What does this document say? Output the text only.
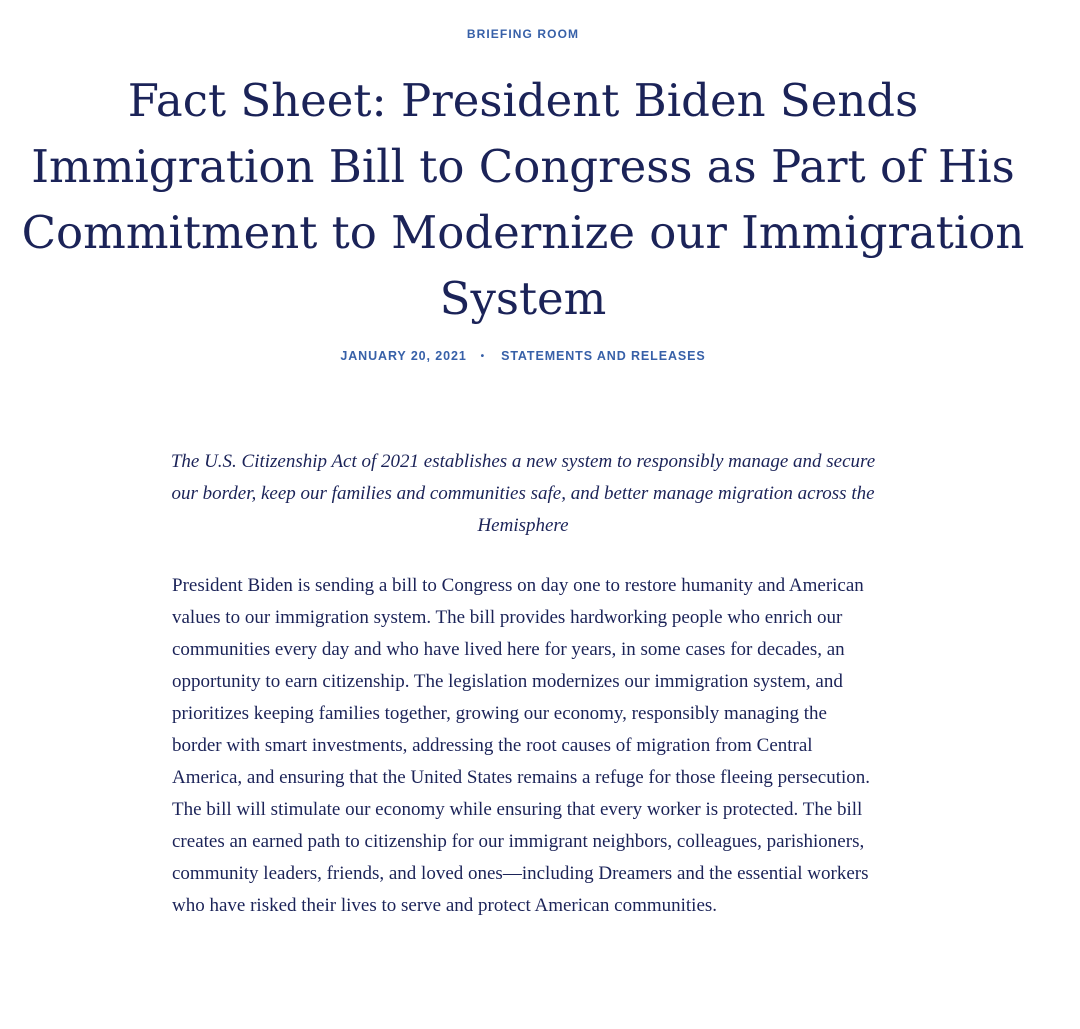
BRIEFING ROOM
Fact Sheet: President Biden Sends Immigration Bill to Congress as Part of His Commitment to Modernize our Immigration System
JANUARY 20, 2021 • STATEMENTS AND RELEASES

The U.S. Citizenship Act of 2021 establishes a new system to responsibly manage and secure our border, keep our families and communities safe, and better manage migration across the Hemisphere

President Biden is sending a bill to Congress on day one to restore humanity and American values to our immigration system. The bill provides hardworking people who enrich our communities every day and who have lived here for years, in some cases for decades, an opportunity to earn citizenship. The legislation modernizes our immigration system, and prioritizes keeping families together, growing our economy, responsibly managing the border with smart investments, addressing the root causes of migration from Central America, and ensuring that the United States remains a refuge for those fleeing persecution. The bill will stimulate our economy while ensuring that every worker is protected. The bill creates an earned path to citizenship for our immigrant neighbors, colleagues, parishioners, community leaders, friends, and loved ones—including Dreamers and the essential workers who have risked their lives to serve and protect American communities.
